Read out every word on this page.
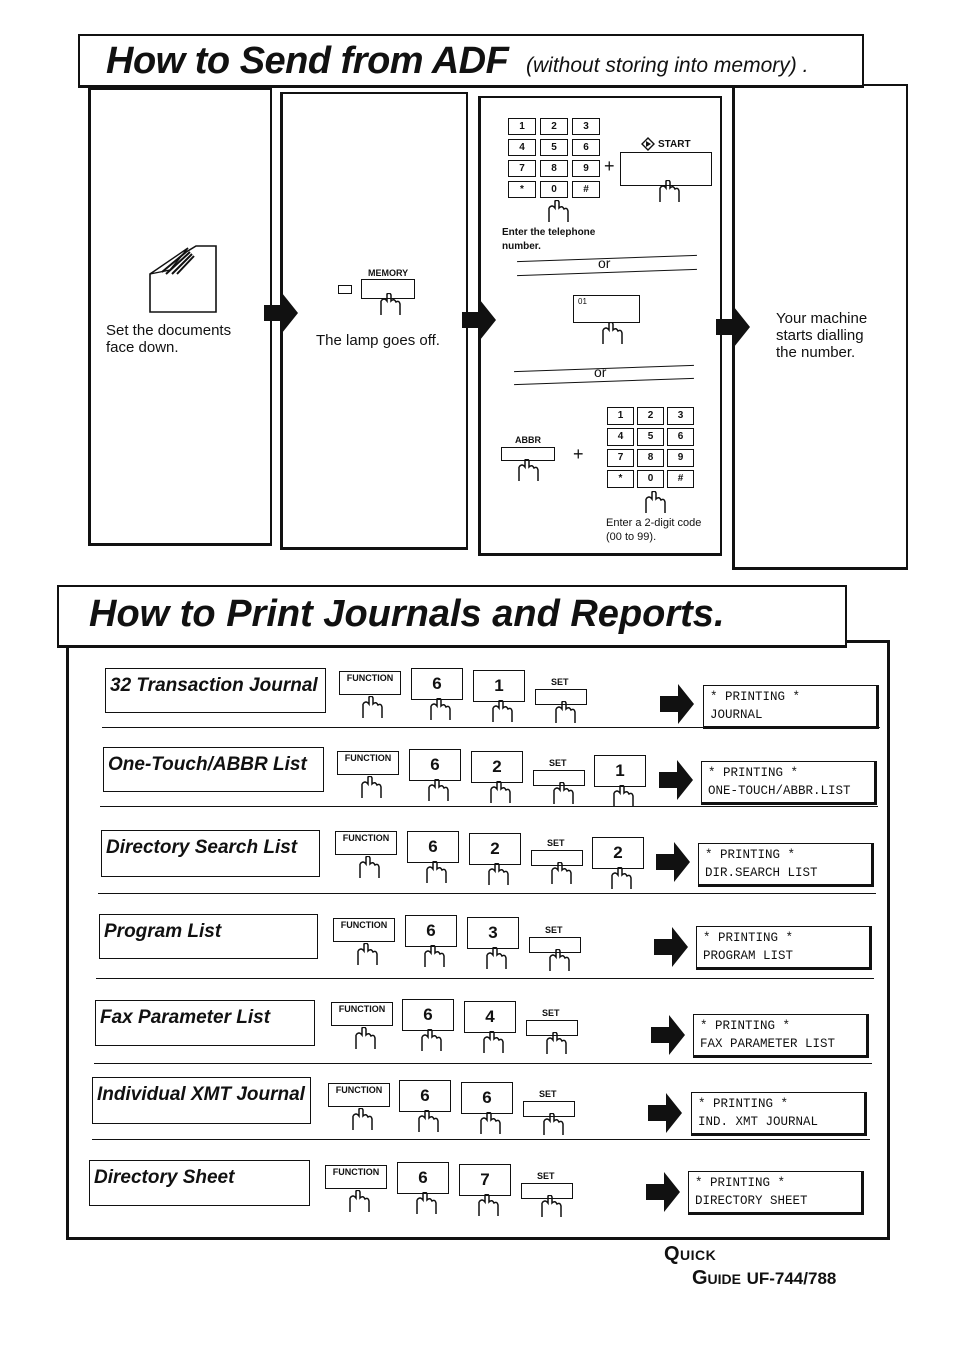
How to Send from ADF (without storing into memory) .
Set the documents face down.
MEMORY
The lamp goes off.
1	2	3
4	5	6
7	8	9
*	0	#
+
START
Enter the telephone number.
or
01
or
ABBR
+
1	2	3
4	5	6
7	8	9
*	0	#
Enter a 2-digit code (00 to 99).
Your machine starts dialling the number.
How to Print Journals and Reports.
32 Transaction Journal	FUNCTION	6	1	SET
* PRINTING *
JOURNAL
One-Touch/ABBR List	FUNCTION	6	2	SET	1	* PRINTING *
ONE-TOUCH/ABBR.LIST
Directory Search List	FUNCTION	6	2	SET	2	* PRINTING *
DIR.SEARCH LIST
Program List	FUNCTION	6	3	SET
* PRINTING *
PROGRAM LIST
Fax Parameter List	FUNCTION	6	4	SET
* PRINTING *
FAX PARAMETER LIST
Individual XMT Journal	FUNCTION	6	6	SET
* PRINTING *
IND. XMT JOURNAL
Directory Sheet	FUNCTION	6	7	SET	* PRINTING *
DIRECTORY SHEET
Quick
Guide UF-744/788
